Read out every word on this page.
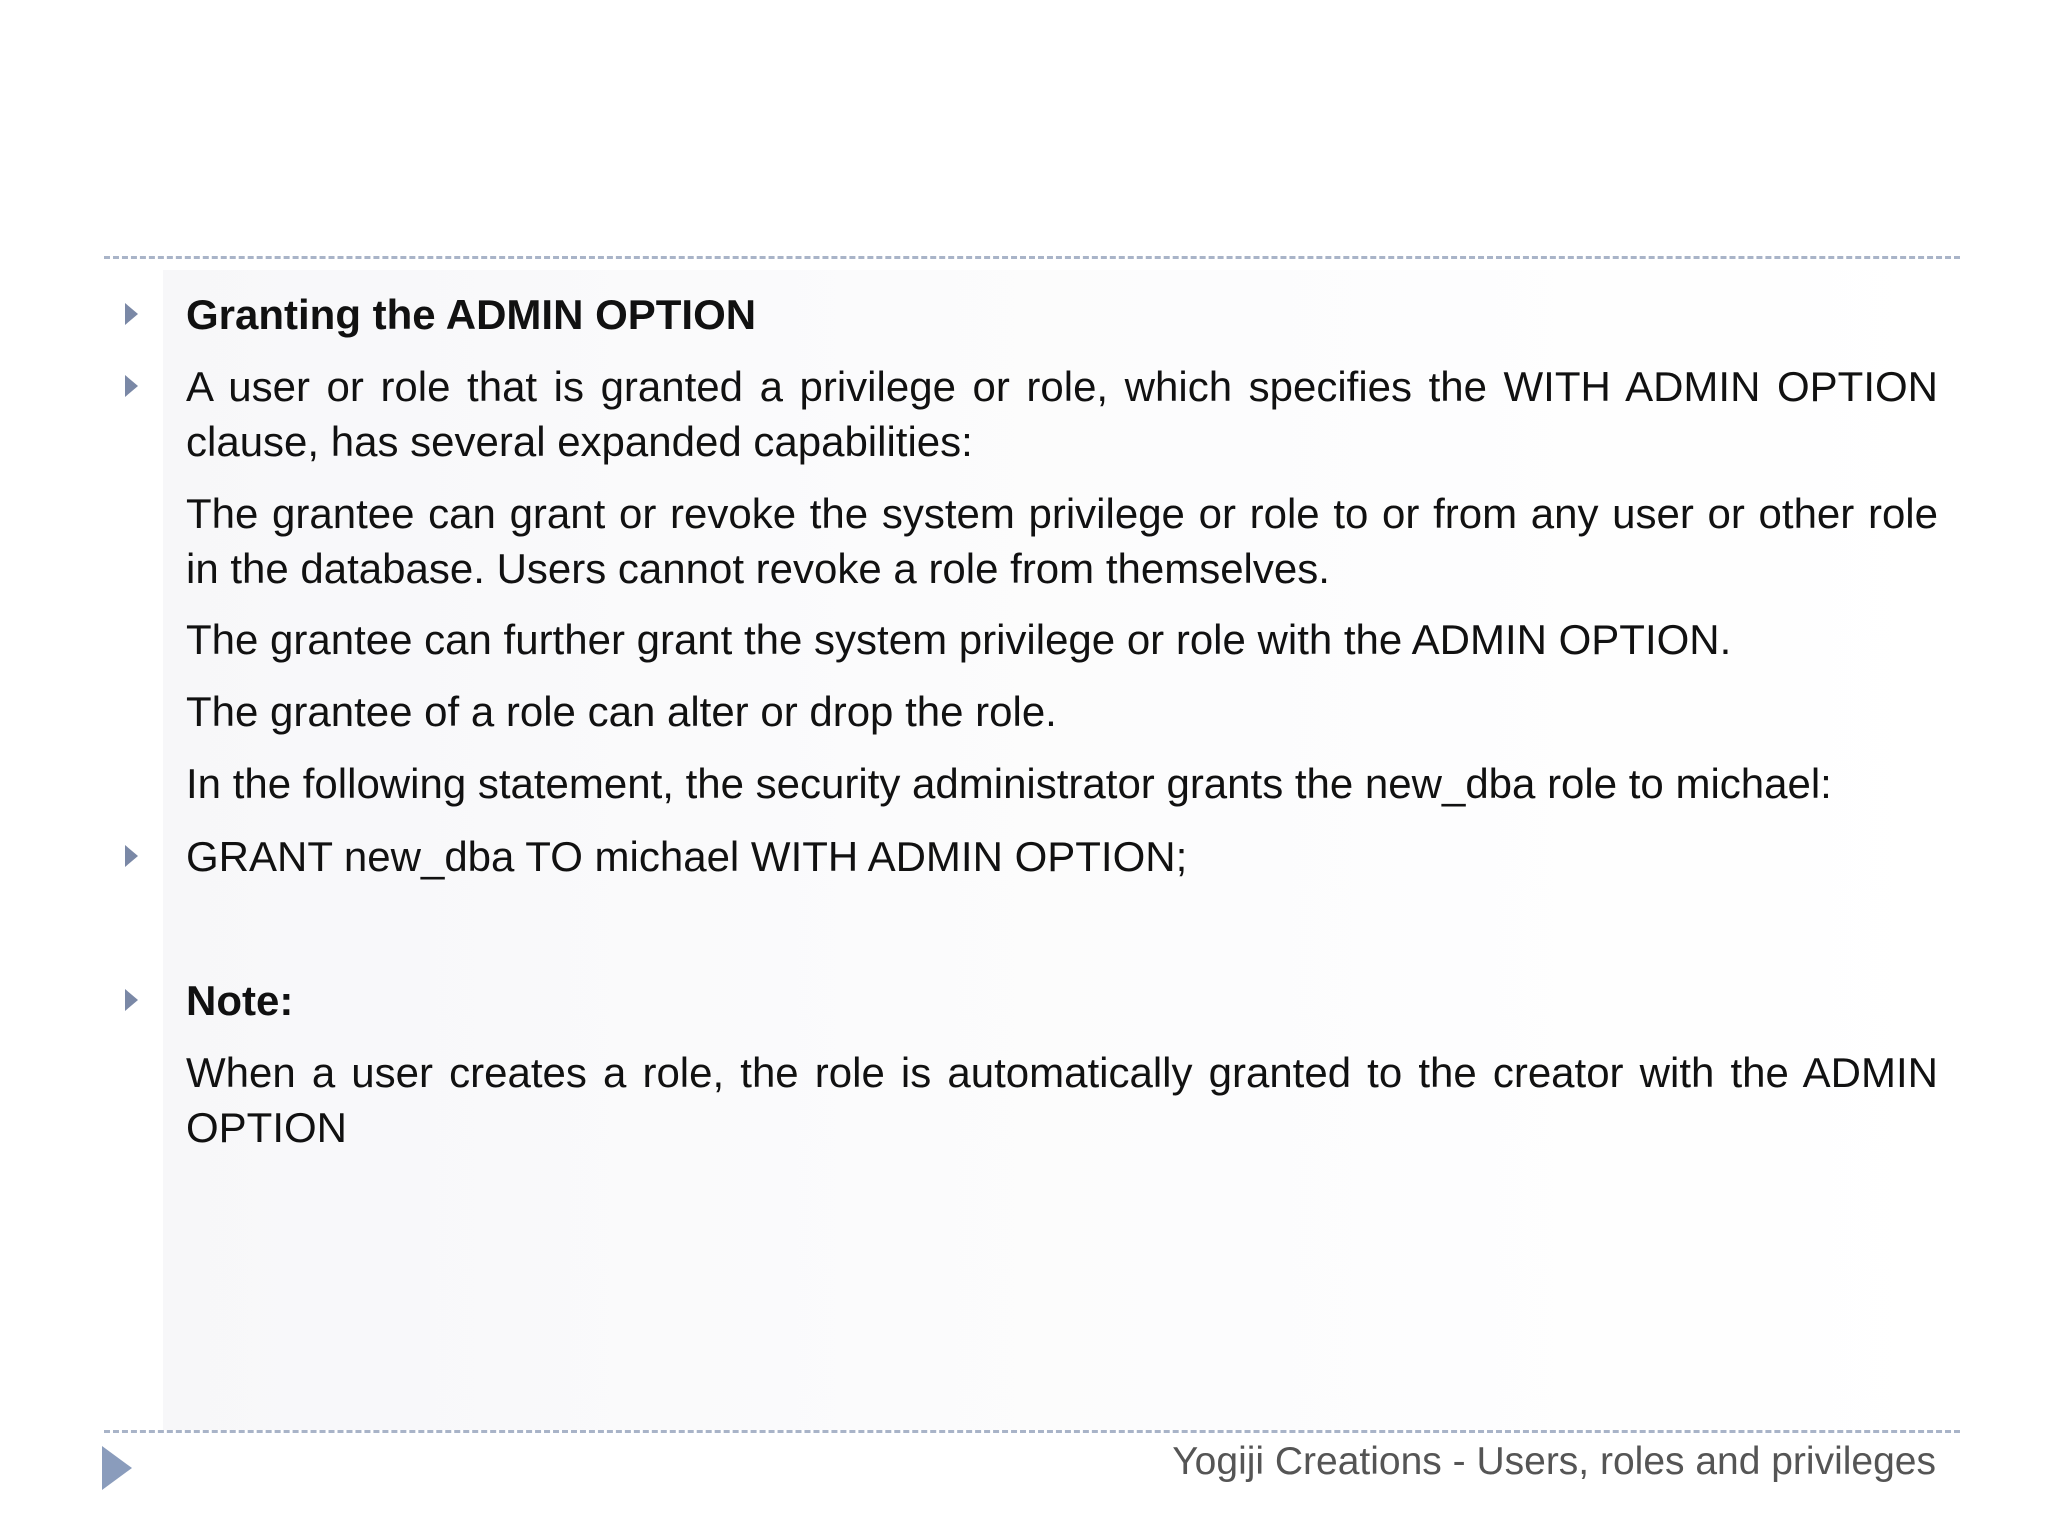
Granting the ADMIN OPTION
A user or role that is granted a privilege or role, which specifies the WITH ADMIN OPTION clause, has several expanded capabilities:
The grantee can grant or revoke the system privilege or role to or from any user or other role in the database. Users cannot revoke a role from themselves.
The grantee can further grant the system privilege or role with the ADMIN OPTION.
The grantee of a role can alter or drop the role.
In the following statement, the security administrator grants the new_dba role to michael:
GRANT new_dba TO michael WITH ADMIN OPTION;
Note:
When a user creates a role, the role is automatically granted to the creator with the ADMIN OPTION
Yogiji Creations - Users, roles and privileges
